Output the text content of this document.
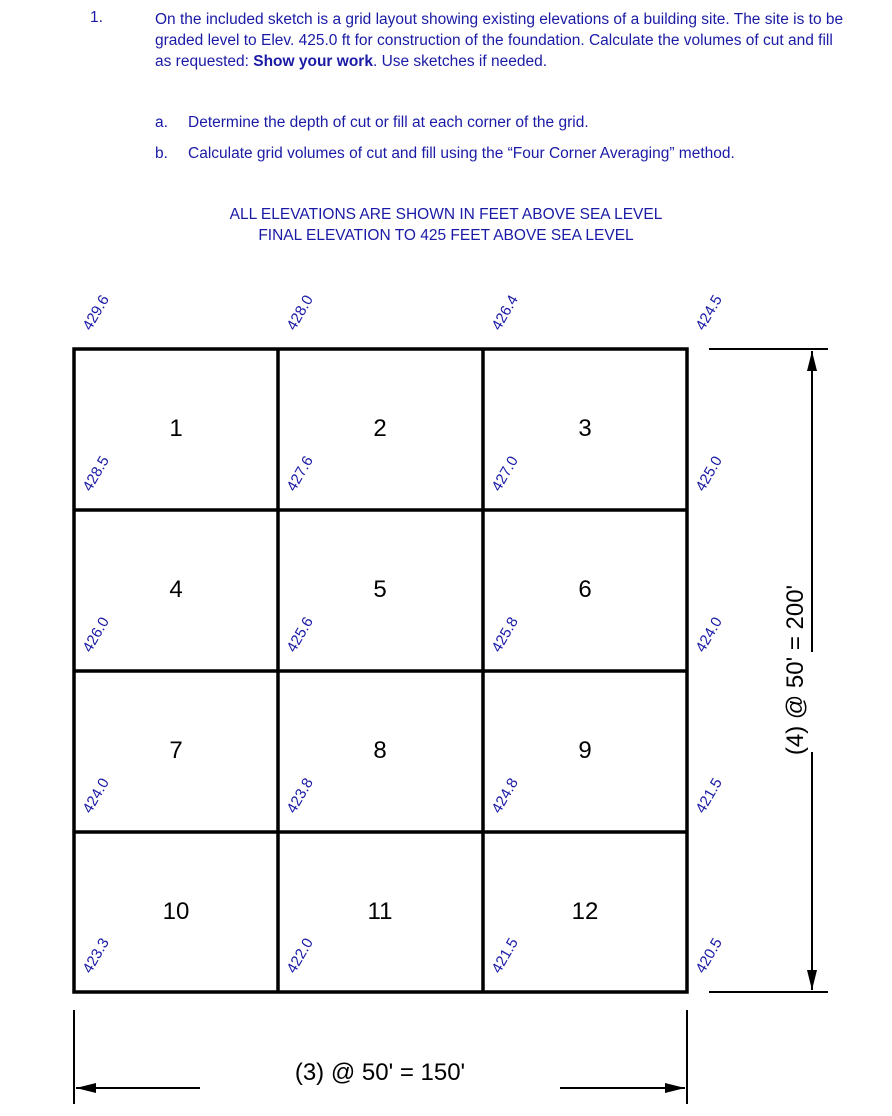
1.	On the included sketch is a grid layout showing existing elevations of a building site. The site is to be graded level to Elev. 425.0 ft for construction of the foundation. Calculate the volumes of cut and fill as requested: Show your work. Use sketches if needed.
a. Determine the depth of cut or fill at each corner of the grid.
b. Calculate grid volumes of cut and fill using the “Four Corner Averaging” method.
ALL ELEVATIONS ARE SHOWN IN FEET ABOVE SEA LEVEL
FINAL ELEVATION TO 425 FEET ABOVE SEA LEVEL
429.6	428.0	426.4	424.5
428.5	427.6	427.0	425.0
426.0	425.6	425.8	424.0
424.0	423.8	424.8	421.5
423.3	422.0	421.5	420.5
1	2	3
4	5	6
7	8	9
10	11	12
(4) @ 50' = 200'
(3) @ 50' = 150'
